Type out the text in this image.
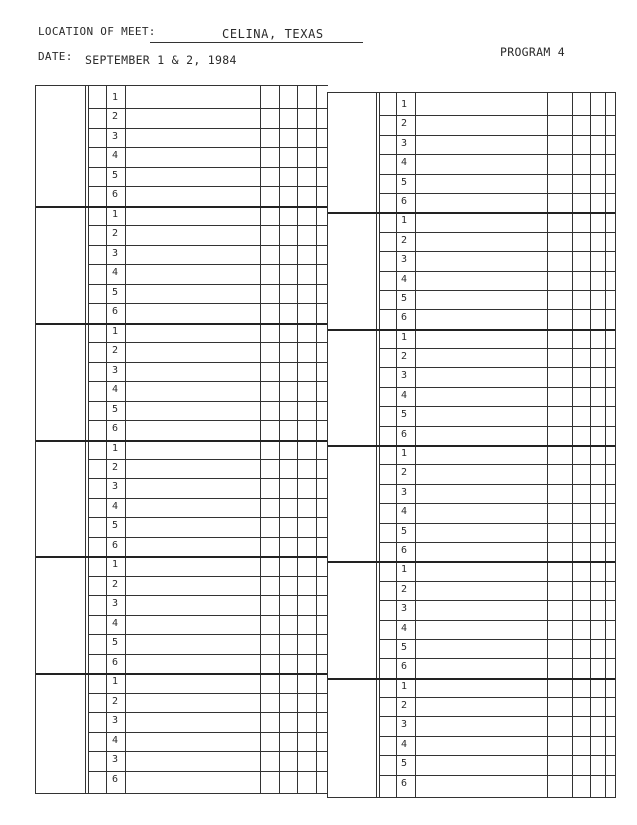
LOCATION OF MEET:	CELINA, TEXAS
DATE: SEPTEMBER 1 & 2, 1984
PROGRAM 4
1
2
3
4
5
6
1
2
3
4
5
6
1
2
3
4
5
6
1
2
3
4
5
6
1
2
3
4
5
6
1
2
3
4
3
6
1
2
3
4
5
6
1
2
3
4
5
6
1
2
3
4
5
6
1
2
3
4
5
6
1
2
3
4
5
6
1
2
3
4
5
6
